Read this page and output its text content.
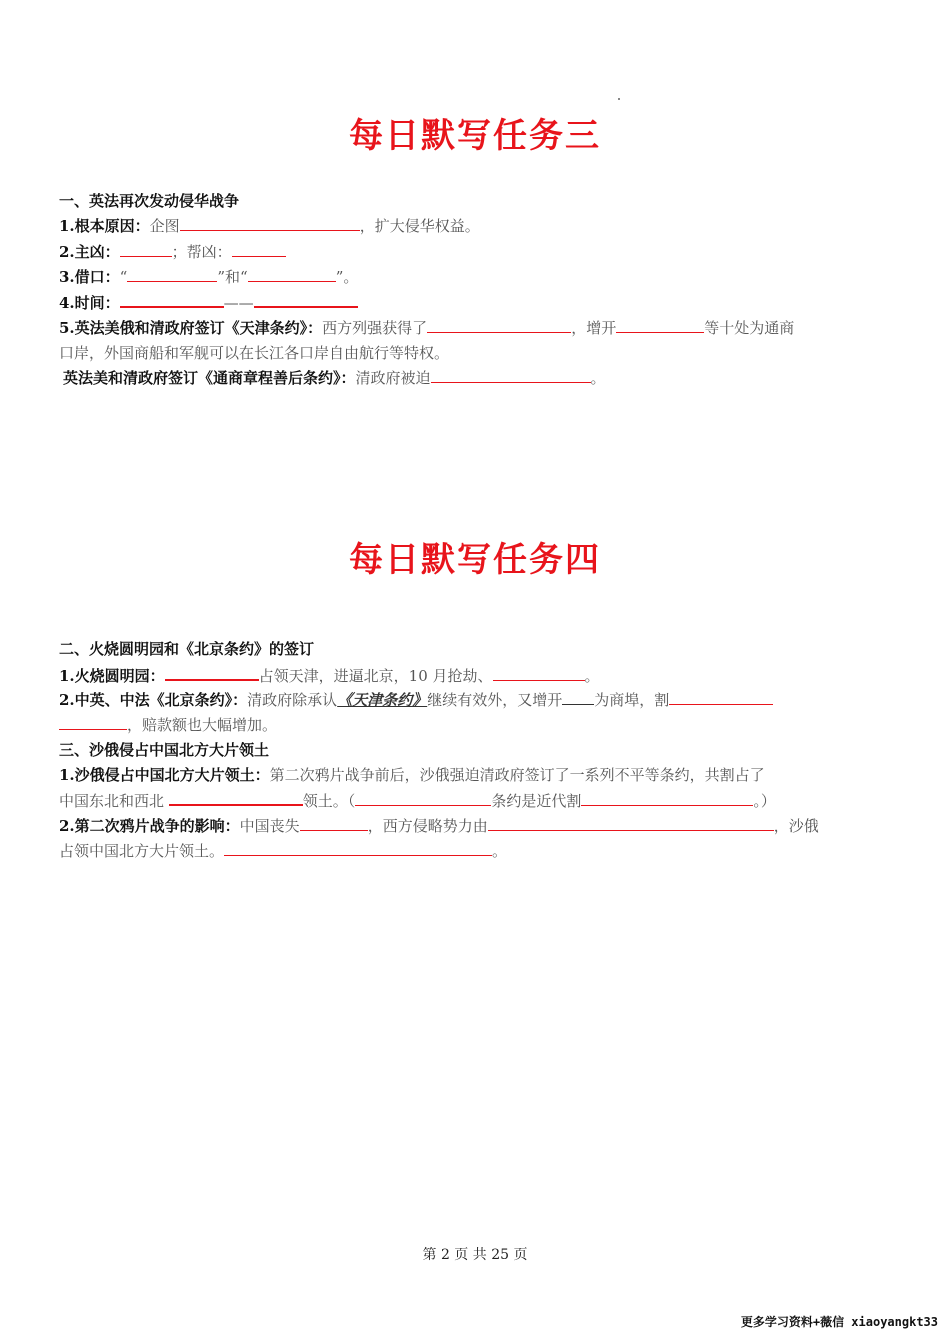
每日默写任务三
一、英法再次发动侵华战争
1.根本原因：企图	，扩大侵华权益。
2.主凶：	；帮凶：
3.借口：“	”和“	”。
4.时间：	——
5.英法美俄和清政府签订《天津条约》：西方列强获得了	，增开	等十处为通商
口岸，外国商船和军舰可以在长江各口岸自由航行等特权。
英法美和清政府签订《通商章程善后条约》：清政府被迫	。
每日默写任务四
二、火烧圆明园和《北京条约》的签订
1.火烧圆明园：	占领天津，进逼北京，10 月抢劫、	。
2.中英、中法《北京条约》：清政府除承认《天津条约》继续有效外，又增开 为商埠，割
，赔款额也大幅增加。
三、沙俄侵占中国北方大片领土
1.沙俄侵占中国北方大片领土：第二次鸦片战争前后，沙俄强迫清政府签订了一系列不平等条约，共割占了
中国东北和西北	领土。（	条约是近代割	。）
2.第二次鸦片战争的影响：中国丧失	，西方侵略势力由	，沙俄
占领中国北方大片领土。	。
第 2 页 共 25 页
更多学习资料+薇信 xiaoyangkt33
